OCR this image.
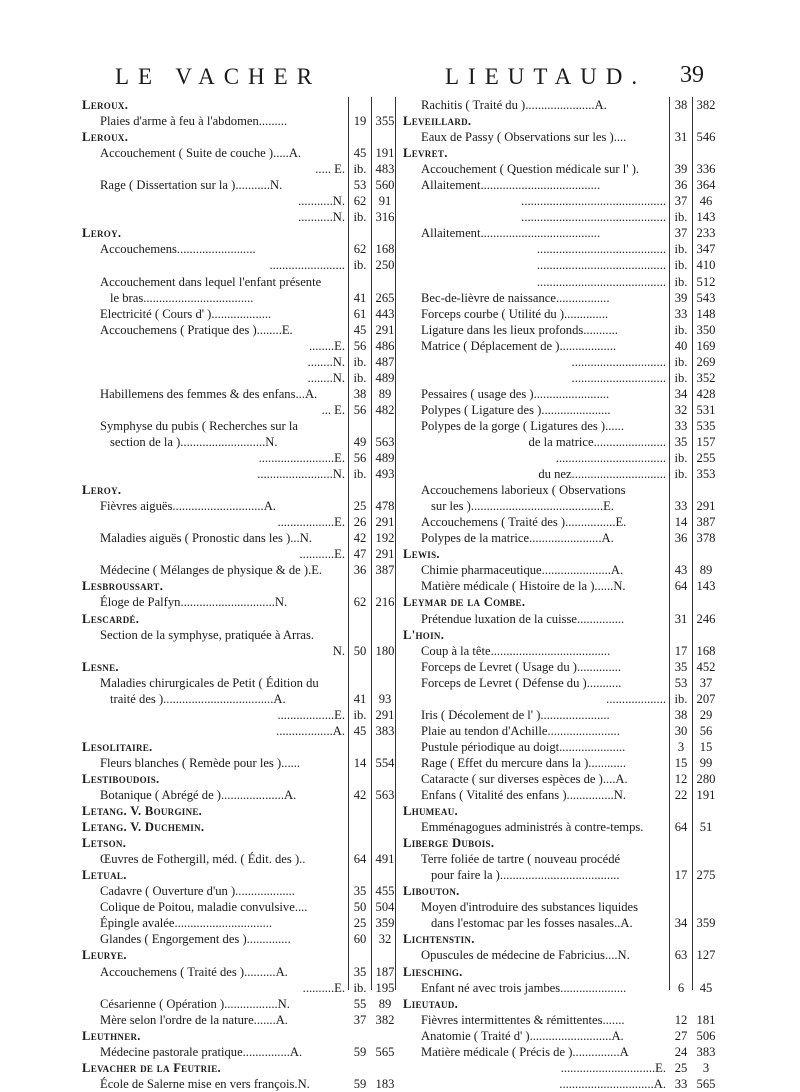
LE VACHER	LIEUTAUD. 39
Leroux.
Plaies d'arme à feu à l'abdomen.........	19 355
Leroux.
Accouchement ( Suite de couche ).....A.	45 191
..... E. ib. 483
Rage ( Dissertation sur la )...........N.	53 560
...........N. 62 91
...........N. ib. 316
Leroy.
Accouchemens.........................	62 168
........................ ib. 250
Accouchement dans lequel l'enfant présente
le bras...................................	41 265
Electricité ( Cours d' )...................	61 443
Accouchemens ( Pratique des )........E.	45 291
........E. 56 486
........N. ib. 487
........N. ib. 489
Habillemens des femmes & des enfans...A.	38 89
... E. 56 482
Symphyse du pubis ( Recherches sur la
section de la )...........................N.	49 563
........................E. 56 489
........................N. ib. 493
Leroy.
Fièvres aiguës.............................A.	25 478
..................E. 26 291
Maladies aiguës ( Pronostic dans les )...N.	42 192
...........E. 47 291
Médecine ( Mélanges de physique & de ).E.	36 387
Lesbroussart.
Éloge de Palfyn..............................N.	62 216
Lescardé.
Section de la symphyse, pratiquée à Arras.
N. 50 180
Lesne.
Maladies chirurgicales de Petit ( Édition du
traité des )...................................A.	41 93
..................E. ib. 291
..................A. 45 383
Lesolitaire.
Fleurs blanches ( Remède pour les )......	14 554
Lestiboudois.
Botanique ( Abrégé de )....................A.	42 563
Letang. V. Bourgine.
Letang. V. Duchemin.
Letson.
Œuvres de Fothergill, méd. ( Édit. des )..	64 491
Letual.
Cadavre ( Ouverture d'un )...................	35 455
Colique de Poitou, maladie convulsive....	50 504
Épingle avalée...............................	25 359
Glandes ( Engorgement des )..............	60 32
Leurye.
Accouchemens ( Traité des )..........A.	35 187
..........E. ib. 195
Césarienne ( Opération ).................N.	55 89
Mère selon l'ordre de la nature.......A.	37 382
Leuthner.
Médecine pastorale pratique...............A.	59 565
Levacher de la Feutrie.
École de Salerne mise en vers françois.N.	59 183
Rachitis ( Traité du )......................A.	38 382
Leveillard.
Eaux de Passy ( Observations sur les )....	31 546
Levret.
Accouchement ( Question médicale sur l' ).	39 336
Allaitement......................................	36 364
.............................................. 37 46
.............................................. ib. 143
Allaitement......................................	37 233
......................................... ib. 347
......................................... ib. 410
......................................... ib. 512
Bec-de-lièvre de naissance.................	39 543
Forceps courbe ( Utilité du )..............	33 148
Ligature dans les lieux profonds...........	ib. 350
Matrice ( Déplacement de )..................	40 169
.............................. ib. 269
.............................. ib. 352
Pessaires ( usage des )........................	34 428
Polypes ( Ligature des )......................	32 531
Polypes de la gorge ( Ligatures des )......	33 535
de la matrice....................... 35 157
................................... ib. 255
du nez.............................. ib. 353
Accouchemens laborieux ( Observations
sur les )..........................................E.	33 291
Accouchemens ( Traité des )................E.	14 387
Polypes de la matrice.......................A.	36 378
Lewis.
Chimie pharmaceutique......................A.	43 89
Matière médicale ( Histoire de la )......N.	64 143
Leymar de la Combe.
Prétendue luxation de la cuisse...............	31 246
L'hoin.
Coup à la tête......................................	17 168
Forceps de Levret ( Usage du )..............	35 452
Forceps de Levret ( Défense du )...........	53 37
................... ib. 207
Iris ( Décolement de l' )......................	38 29
Plaie au tendon d'Achille.......................	30 56
Pustule périodique au doigt.....................	3	15
Rage ( Effet du mercure dans la )............	15 99
Cataracte ( sur diverses espèces de )....A.	12 280
Enfans ( Vitalité des enfans )...............N.	22 191
Lhumeau.
Emménagogues administrés à contre-temps. 64 51
Liberge Dubois.
Terre foliée de tartre ( nouveau procédé
pour faire la )......................................	17 275
Libouton.
Moyen d'introduire des substances liquides
dans l'estomac par les fosses nasales..A.	34 359
Lichtenstin.
Opuscules de médecine de Fabricius....N.	63 127
Liesching.
Enfant né avec trois jambes.....................	6	45
Lieutaud.
Fièvres intermittentes & rémittentes.......	12 181
Anatomie ( Traité d' )..........................A.	27 506
Matière médicale ( Précis de )...............A	24 383
..............................E. 25	3
..............................A. 33 565
